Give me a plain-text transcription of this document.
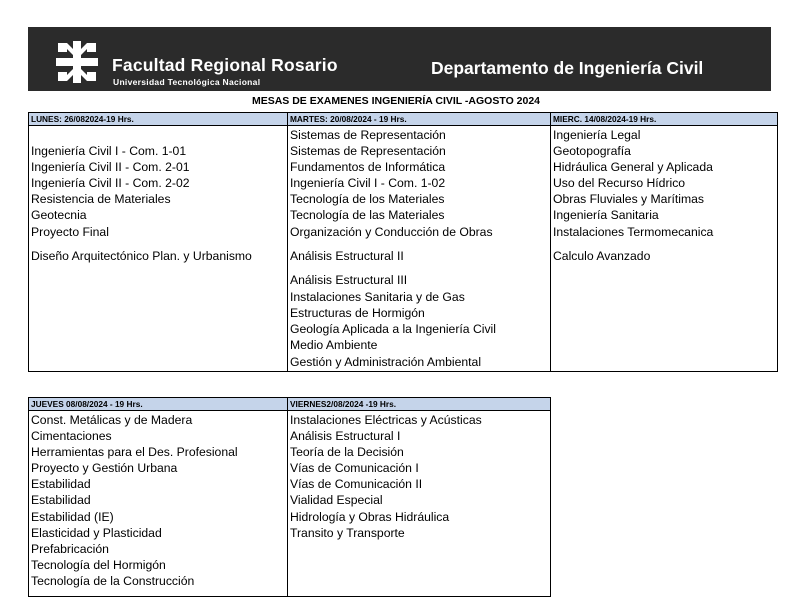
Facultad Regional Rosario
Universidad Tecnológica Nacional
Departamento de Ingeniería Civil
MESAS DE EXAMENES INGENIERÍA CIVIL -AGOSTO 2024
LUNES: 26/082024-19 Hrs.
Ingeniería Civil I - Com. 1-01
Ingeniería Civil II - Com. 2-01
Ingeniería Civil II - Com. 2-02
Resistencia de Materiales
Geotecnia
Proyecto Final
Diseño Arquitectónico Plan. y Urbanismo
MARTES: 20/08/2024 - 19 Hrs.
Sistemas de Representación
Sistemas de Representación
Fundamentos de Informática
Ingeniería Civil I - Com. 1-02
Tecnología de los Materiales
Tecnología de las Materiales
Organización y Conducción de Obras
Análisis Estructural II
Análisis Estructural III
Instalaciones Sanitaria y de Gas
Estructuras de Hormigón
Geología Aplicada a la Ingeniería Civil
Medio Ambiente
Gestión y Administración Ambiental
MIERC. 14/08/2024-19 Hrs.
Ingeniería Legal
Geotopografía
Hidráulica General y Aplicada
Uso del Recurso Hídrico
Obras Fluviales y Marítimas
Ingeniería Sanitaria
Instalaciones Termomecanica
Calculo Avanzado
JUEVES 08/08/2024 - 19 Hrs.
Const. Metálicas y de Madera
Cimentaciones
Herramientas para el Des. Profesional
Proyecto y Gestión Urbana
Estabilidad
Estabilidad
Estabilidad (IE)
Elasticidad y Plasticidad
Prefabricación
Tecnología del Hormigón
Tecnología de la Construcción
VIERNES2/08/2024 -19 Hrs.
Instalaciones Eléctricas y Acústicas
Análisis Estructural I
Teoría de la Decisión
Vías de Comunicación I
Vías de Comunicación II
Vialidad Especial
Hidrología y Obras Hidráulica
Transito y Transporte
